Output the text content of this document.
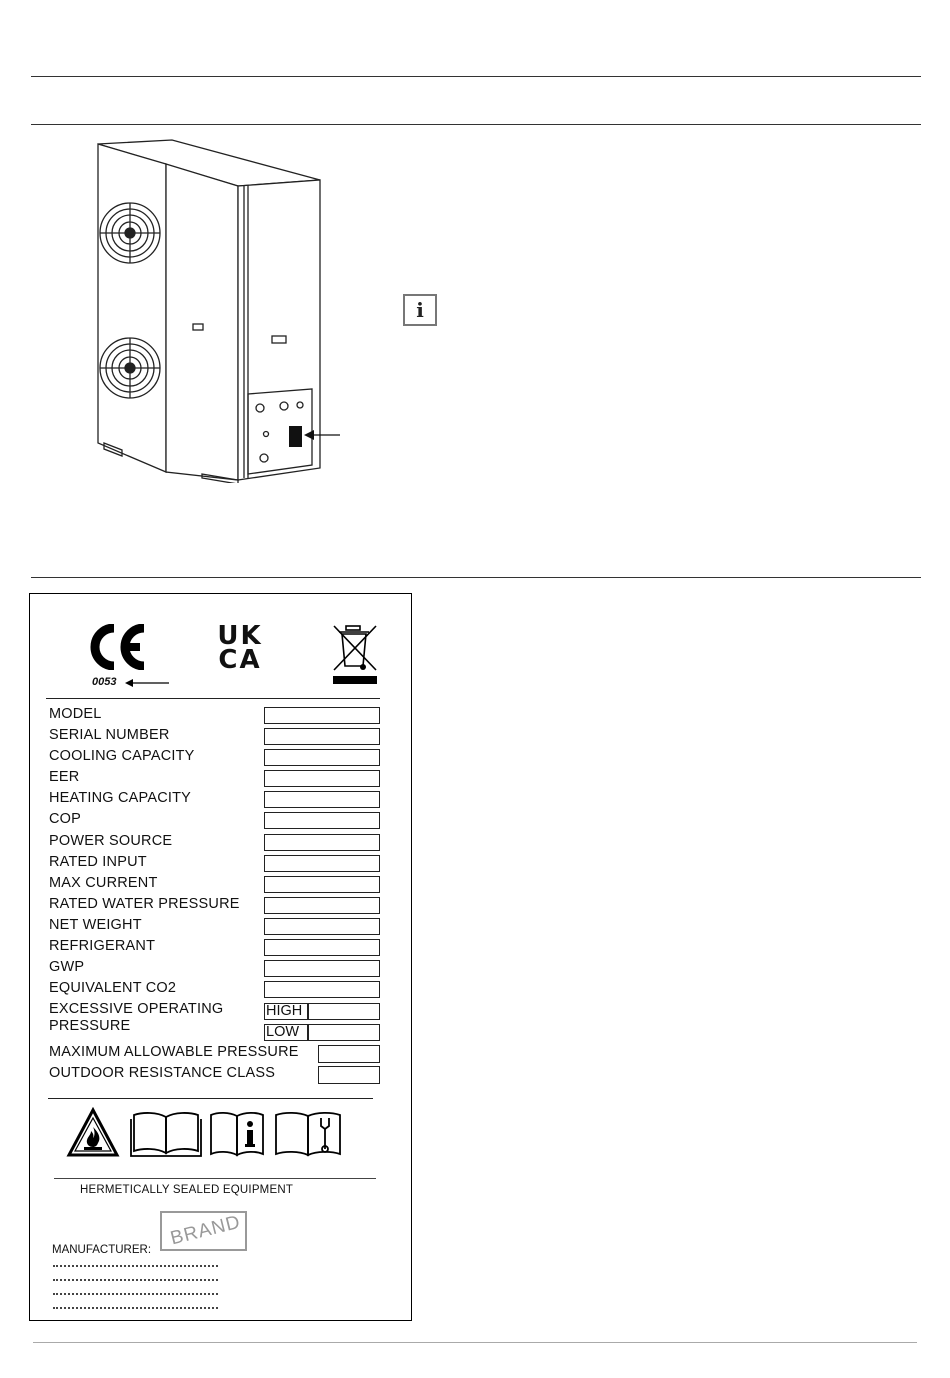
i
0053
UK
CA
MODEL
SERIAL NUMBER
COOLING CAPACITY
EER
HEATING CAPACITY
COP
POWER SOURCE
RATED INPUT
MAX CURRENT
RATED WATER PRESSURE
NET WEIGHT
REFRIGERANT
GWP
EQUIVALENT CO2
EXCESSIVE OPERATING
PRESSURE
HIGH
LOW
MAXIMUM ALLOWABLE PRESSURE
OUTDOOR RESISTANCE CLASS
HERMETICALLY SEALED EQUIPMENT
BRAND
MANUFACTURER:
